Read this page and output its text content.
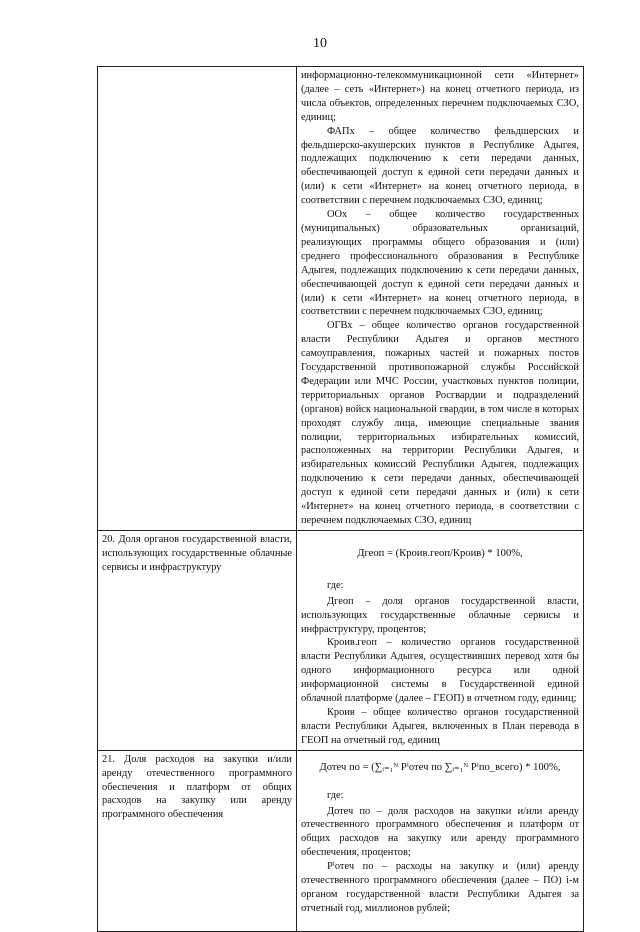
10

	информационно-телекоммуникационной сети «Интернет» (далее – сеть «Интернет») на конец отчетного периода, из числа объектов, определенных перечнем подключаемых СЗО, единиц;

ФАПх – общее количество фельдшерских и фельдшерско-акушерских пунктов в Республике Адыгея, подлежащих подключению к сети передачи данных, обеспечивающей доступ к единой сети передачи данных и (или) к сети «Интернет» на конец отчетного периода, в соответствии с перечнем подключаемых СЗО, единиц;

ООх – общее количество государственных (муниципальных) образовательных организаций, реализующих программы общего образования и (или) среднего профессионального образования в Республике Адыгея, подлежащих подключению к сети передачи данных, обеспечивающей доступ к единой сети передачи данных и (или) к сети «Интернет» на конец отчетного периода, в соответствии с перечнем подключаемых СЗО, единиц;

ОГВх – общее количество органов государственной власти Республики Адыгея и органов местного самоуправления, пожарных частей и пожарных постов Государственной противопожарной службы Российской Федерации или МЧС России, участковых пунктов полиции, территориальных органов Росгвардии и подразделений (органов) войск национальной гвардии, в том числе в которых проходят службу лица, имеющие специальные звания полиции, территориальных избирательных комиссий, расположенных на территории Республики Адыгея, и избирательных комиссий Республики Адыгея, подлежащих подключению к сети передачи данных, обеспечивающей доступ к единой сети передачи данных и (или) к сети «Интернет» на конец отчетного периода, в соответствии с перечнем подключаемых СЗО, единиц

20. Доля органов государственной власти, использующих государственные облачные сервисы и инфраструктуру	Дгеоп = (Кроив.геоп/Кроив) * 100%,

где:

Дгеоп – доля органов государственной власти, использующих государственные облачные сервисы и инфраструктуру, процентов;

Кроив.геоп – количество органов государственной власти Республики Адыгея, осуществивших перевод хотя бы одного информационного ресурса или одной информационной системы в Государственной единой облачной платформе (далее – ГЕОП) в отчетном году, единиц;

Кроив – общее количество органов государственной власти Республики Адыгея, включенных в План перевода в ГЕОП на отчетный год, единиц

21. Доля расходов на закупки и/или аренду отечественного программного обеспечения и платформ от общих расходов на закупку или аренду программного обеспечения	Дотеч по = (∑ᵢ₌₁ᴺ Pⁱотеч по ∑ᵢ₌₁ᴺ Pⁱпо_всего) * 100%,

где:

Дотеч по – доля расходов на закупки и/или аренду отечественного программного обеспечения и платформ от общих расходов на закупку или аренду программного обеспечения, процентов;

Pⁱотеч по – расходы на закупку и (или) аренду отечественного программного обеспечения (далее – ПО) i-м органом государственной власти Республики Адыгея за отчетный год, миллионов рублей;
